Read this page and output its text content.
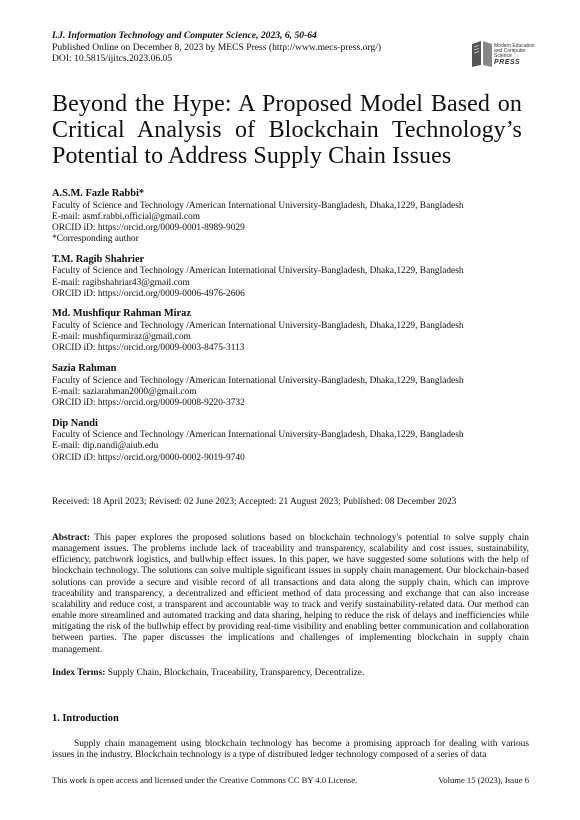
I.J. Information Technology and Computer Science, 2023, 6, 50-64
Published Online on December 8, 2023 by MECS Press (http://www.mecs-press.org/)
DOI: 10.5815/ijitcs.2023.06.05
Modern Education
and Computer Science
PRESS
Beyond the Hype: A Proposed Model Based on Critical Analysis of Blockchain Technology’s Potential to Address Supply Chain Issues
A.S.M. Fazle Rabbi*
Faculty of Science and Technology /American International University-Bangladesh, Dhaka,1229, Bangladesh
E-mail: asmf.rabbi.official@gmail.com
ORCID iD: https://orcid.org/0009-0001-8989-9029
*Corresponding author
T.M. Ragib Shahrier
Faculty of Science and Technology /American International University-Bangladesh, Dhaka,1229, Bangladesh
E-mail: ragibshahriar43@gmail.com
ORCID iD: https://orcid.org/0009-0006-4976-2606
Md. Mushfiqur Rahman Miraz
Faculty of Science and Technology /American International University-Bangladesh, Dhaka,1229, Bangladesh
E-mail: mushfiqurmiraz@gmail.com
ORCID iD: https://orcid.org/0009-0003-8475-3113
Sazia Rahman
Faculty of Science and Technology /American International University-Bangladesh, Dhaka,1229, Bangladesh
E-mail: saziarahman2000@gmail.com
ORCID iD: https://orcid.org/0009-0008-9220-3732
Dip Nandi
Faculty of Science and Technology /American International University-Bangladesh, Dhaka,1229, Bangladesh
E-mail: dip.nandi@aiub.edu
ORCID iD: https://orcid.org/0000-0002-9019-9740
Received: 18 April 2023; Revised: 02 June 2023; Accepted: 21 August 2023; Published: 08 December 2023
Abstract: This paper explores the proposed solutions based on blockchain technology's potential to solve supply chain management issues. The problems include lack of traceability and transparency, scalability and cost issues, sustainability, efficiency, patchwork logistics, and bullwhip effect issues. In this paper, we have suggested some solutions with the help of blockchain technology. The solutions can solve multiple significant issues in supply chain management. Our blockchain-based solutions can provide a secure and visible record of all transactions and data along the supply chain, which can improve traceability and transparency, a decentralized and efficient method of data processing and exchange that can also increase scalability and reduce cost, a transparent and accountable way to track and verify sustainability-related data. Our method can enable more streamlined and automated tracking and data sharing, helping to reduce the risk of delays and inefficiencies while mitigating the risk of the bullwhip effect by providing real-time visibility and enabling better communication and collaboration between parties. The paper discusses the implications and challenges of implementing blockchain in supply chain management.
Index Terms: Supply Chain, Blockchain, Traceability, Transparency, Decentralize.
1. Introduction
Supply chain management using blockchain technology has become a promising approach for dealing with various issues in the industry. Blockchain technology is a type of distributed ledger technology composed of a series of data
This work is open access and licensed under the Creative Commons CC BY 4.0 License.	Volume 15 (2023), Issue 6
